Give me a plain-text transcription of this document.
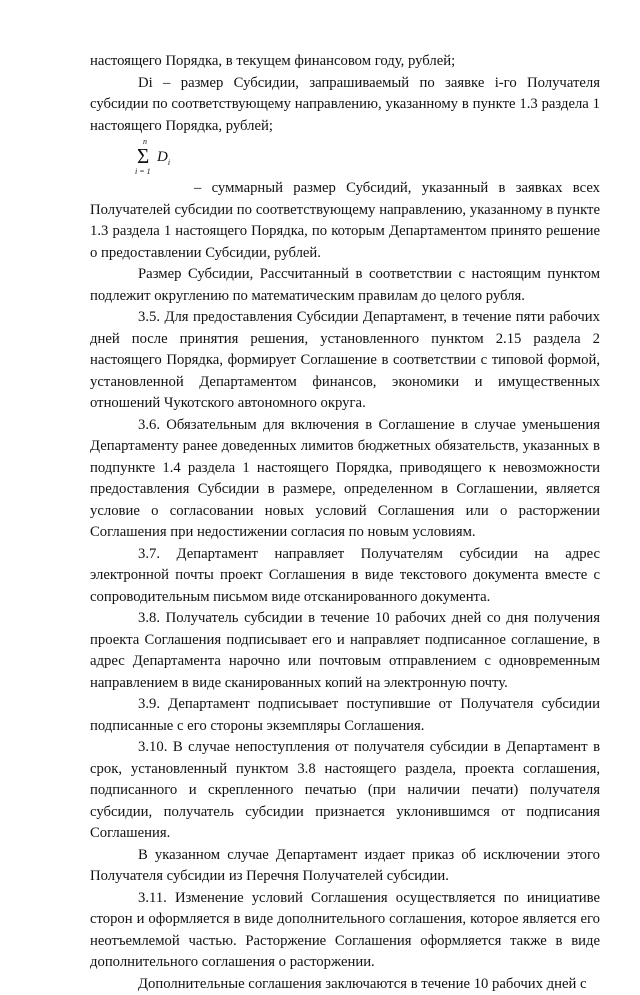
настоящего Порядка, в текущем финансовом году, рублей;

Di – размер Субсидии, запрашиваемый по заявке i-го Получателя субсидии по соответствующему направлению, указанному в пункте 1.3 раздела 1 настоящего Порядка, рублей;

n
Σ
i = 1
$D_i$

– суммарный размер Субсидий, указанный в заявках всех Получателей субсидии по соответствующему направлению, указанному в пункте 1.3 раздела 1 настоящего Порядка, по которым Департаментом принято решение о предоставлении Субсидии, рублей.

Размер Субсидии, Рассчитанный в соответствии с настоящим пунктом подлежит округлению по математическим правилам до целого рубля.

3.5. Для предоставления Субсидии Департамент, в течение пяти рабочих дней после принятия решения, установленного пунктом 2.15 раздела 2 настоящего Порядка, формирует Соглашение в соответствии с типовой формой, установленной Департаментом финансов, экономики и имущественных отношений Чукотского автономного округа.

3.6. Обязательным для включения в Соглашение в случае уменьшения Департаменту ранее доведенных лимитов бюджетных обязательств, указанных в подпункте 1.4 раздела 1 настоящего Порядка, приводящего к невозможности предоставления Субсидии в размере, определенном в Соглашении, является условие о согласовании новых условий Соглашения или о расторжении Соглашения при недостижении согласия по новым условиям.

3.7. Департамент направляет Получателям субсидии на адрес электронной почты проект Соглашения в виде текстового документа вместе с сопроводительным письмом виде отсканированного документа.

3.8. Получатель субсидии в течение 10 рабочих дней со дня получения проекта Соглашения подписывает его и направляет подписанное соглашение, в адрес Департамента нарочно или почтовым отправлением с одновременным направлением в виде сканированных копий на электронную почту.

3.9. Департамент подписывает поступившие от Получателя субсидии подписанные с его стороны экземпляры Соглашения.

3.10. В случае непоступления от получателя субсидии в Департамент в срок, установленный пунктом 3.8 настоящего раздела, проекта соглашения, подписанного и скрепленного печатью (при наличии печати) получателя субсидии, получатель субсидии признается уклонившимся от подписания Соглашения.

В указанном случае Департамент издает приказ об исключении этого Получателя субсидии из Перечня Получателей субсидии.

3.11. Изменение условий Соглашения осуществляется по инициативе сторон и оформляется в виде дополнительного соглашения, которое является его неотъемлемой частью. Расторжение Соглашения оформляется также в виде дополнительного соглашения о расторжении.

Дополнительные соглашения заключаются в течение 10 рабочих дней с
